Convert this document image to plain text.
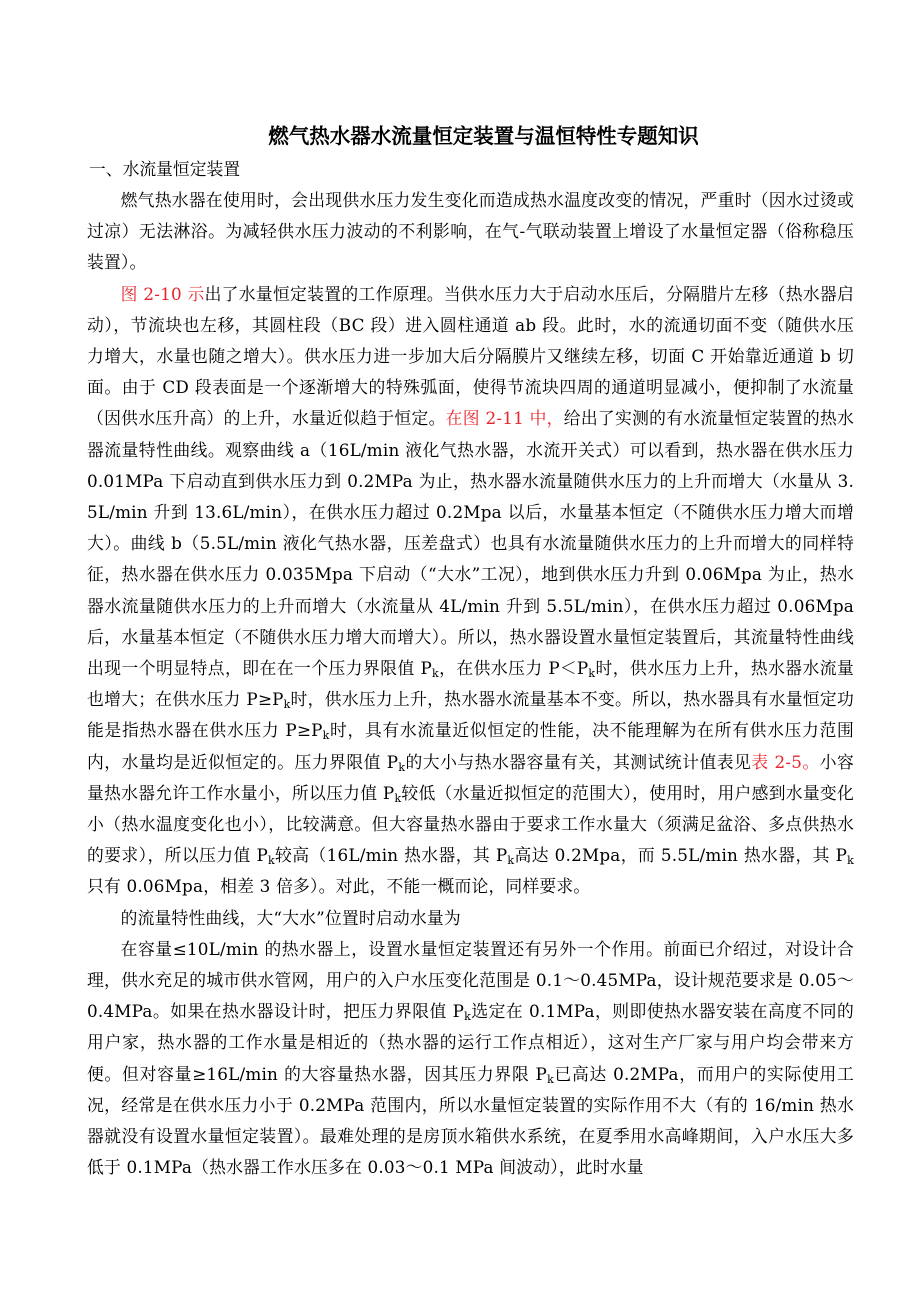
燃气热水器水流量恒定装置与温恒特性专题知识
一、水流量恒定装置

燃气热水器在使用时，会出现供水压力发生变化而造成热水温度改变的情况，严重时（因水过烫或过凉）无法淋浴。为减轻供水压力波动的不利影响，在气-气联动装置上增设了水量恒定器（俗称稳压装置）。

图 2-10 示出了水量恒定装置的工作原理。当供水压力大于启动水压后，分隔腊片左移（热水器启动），节流块也左移，其圆柱段（BC 段）进入圆柱通道 ab 段。此时，水的流通切面不变（随供水压力增大，水量也随之增大）。供水压力进一步加大后分隔膜片又继续左移，切面 C 开始靠近通道 b 切面。由于 CD 段表面是一个逐渐增大的特殊弧面，使得节流块四周的通道明显减小，便抑制了水流量（因供水压升高）的上升，水量近似趋于恒定。在图 2-11 中，给出了实测的有水流量恒定装置的热水器流量特性曲线。观察曲线 a（16L/min 液化气热水器，水流开关式）可以看到，热水器在供水压力 0.01MPa 下启动直到供水压力到 0.2MPa 为止，热水器水流量随供水压力的上升而增大（水量从 3.5L/min 升到 13.6L/min），在供水压力超过 0.2Mpa 以后，水量基本恒定（不随供水压力增大而增大）。曲线 b（5.5L/min 液化气热水器，压差盘式）也具有水流量随供水压力的上升而增大的同样特征，热水器在供水压力 0.035Mpa 下启动（“大水”工况），地到供水压力升到 0.06Mpa 为止，热水器水流量随供水压力的上升而增大（水流量从 4L/min 升到 5.5L/min），在供水压力超过 0.06Mpa 后，水量基本恒定（不随供水压力增大而增大）。所以，热水器设置水量恒定装置后，其流量特性曲线出现一个明显特点，即在在一个压力界限值 $P_k$，在供水压力 $P<P_k$时，供水压力上升，热水器水流量也增大；在供水压力 $P\ge P_k$时，供水压力上升，热水器水流量基本不变。所以，热水器具有水量恒定功能是指热水器在供水压力 $P\ge P_k$时，具有水流量近似恒定的性能，决不能理解为在所有供水压力范围内，水量均是近似恒定的。压力界限值 $P_k$的大小与热水器容量有关，其测试统计值表见表 2-5。小容量热水器允许工作水量小，所以压力值 $P_k$较低（水量近拟恒定的范围大），使用时，用户感到水量变化小（热水温度变化也小），比较满意。但大容量热水器由于要求工作水量大（须满足盆浴、多点供热水的要求），所以压力值 $P_k$较高（16L/min 热水器，其 $P_k$高达 0.2Mpa，而 5.5L/min 热水器，其 $P_k$只有 0.06Mpa，相差 3 倍多）。对此，不能一概而论，同样要求。

的流量特性曲线，大“大水”位置时启动水量为

在容量≤10L/min 的热水器上，设置水量恒定装置还有另外一个作用。前面已介绍过，对设计合理，供水充足的城市供水管网，用户的入户水压变化范围是 0.1～0.45MPa，设计规范要求是 0.05～0.4MPa。如果在热水器设计时，把压力界限值 $P_k$选定在 0.1MPa，则即使热水器安装在高度不同的用户家，热水器的工作水量是相近的（热水器的运行工作点相近），这对生产厂家与用户均会带来方便。但对容量≥16L/min 的大容量热水器，因其压力界限 $P_k$已高达 0.2MPa，而用户的实际使用工况，经常是在供水压力小于 0.2MPa 范围内，所以水量恒定装置的实际作用不大（有的 16/min 热水器就没有设置水量恒定装置）。最难处理的是房顶水箱供水系统，在夏季用水高峰期间，入户水压大多低于 0.1MPa（热水器工作水压多在 0.03～0.1 MPa 间波动），此时水量
